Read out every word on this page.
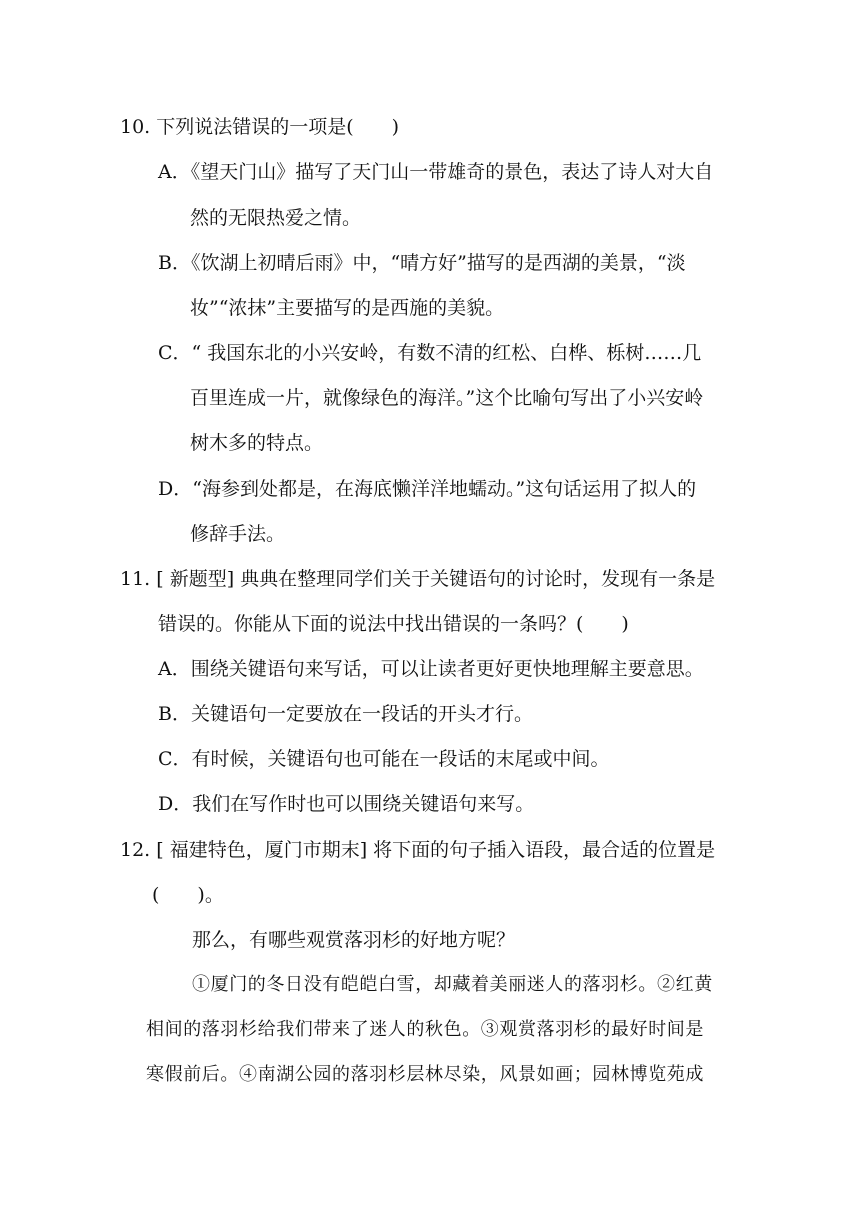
10. 下列说法错误的一项是(　　)
A．《望天门山》描写了天门山一带雄奇的景色，表达了诗人对大自
然的无限热爱之情。
B．《饮湖上初晴后雨》中，“晴方好”描写的是西湖的美景，“淡
妆”“浓抹”主要描写的是西施的美貌。
C．“ 我国东北的小兴安岭，有数不清的红松、白桦、栎树……几
百里连成一片，就像绿色的海洋。”这个比喻句写出了小兴安岭
树木多的特点。
D．“海参到处都是，在海底懒洋洋地蠕动。”这句话运用了拟人的
修辞手法。
11. [ 新题型] 典典在整理同学们关于关键语句的讨论时，发现有一条是
错误的。你能从下面的说法中找出错误的一条吗？(　　)
A．围绕关键语句来写话，可以让读者更好更快地理解主要意思。
B．关键语句一定要放在一段话的开头才行。
C．有时候，关键语句也可能在一段话的末尾或中间。
D．我们在写作时也可以围绕关键语句来写。
12. [ 福建特色，厦门市期末] 将下面的句子插入语段，最合适的位置是
(　　)。
那么，有哪些观赏落羽杉的好地方呢？
①厦门的冬日没有皑皑白雪，却藏着美丽迷人的落羽杉。②红黄
相间的落羽杉给我们带来了迷人的秋色。③观赏落羽杉的最好时间是
寒假前后。④南湖公园的落羽杉层林尽染，风景如画；园林博览苑成
